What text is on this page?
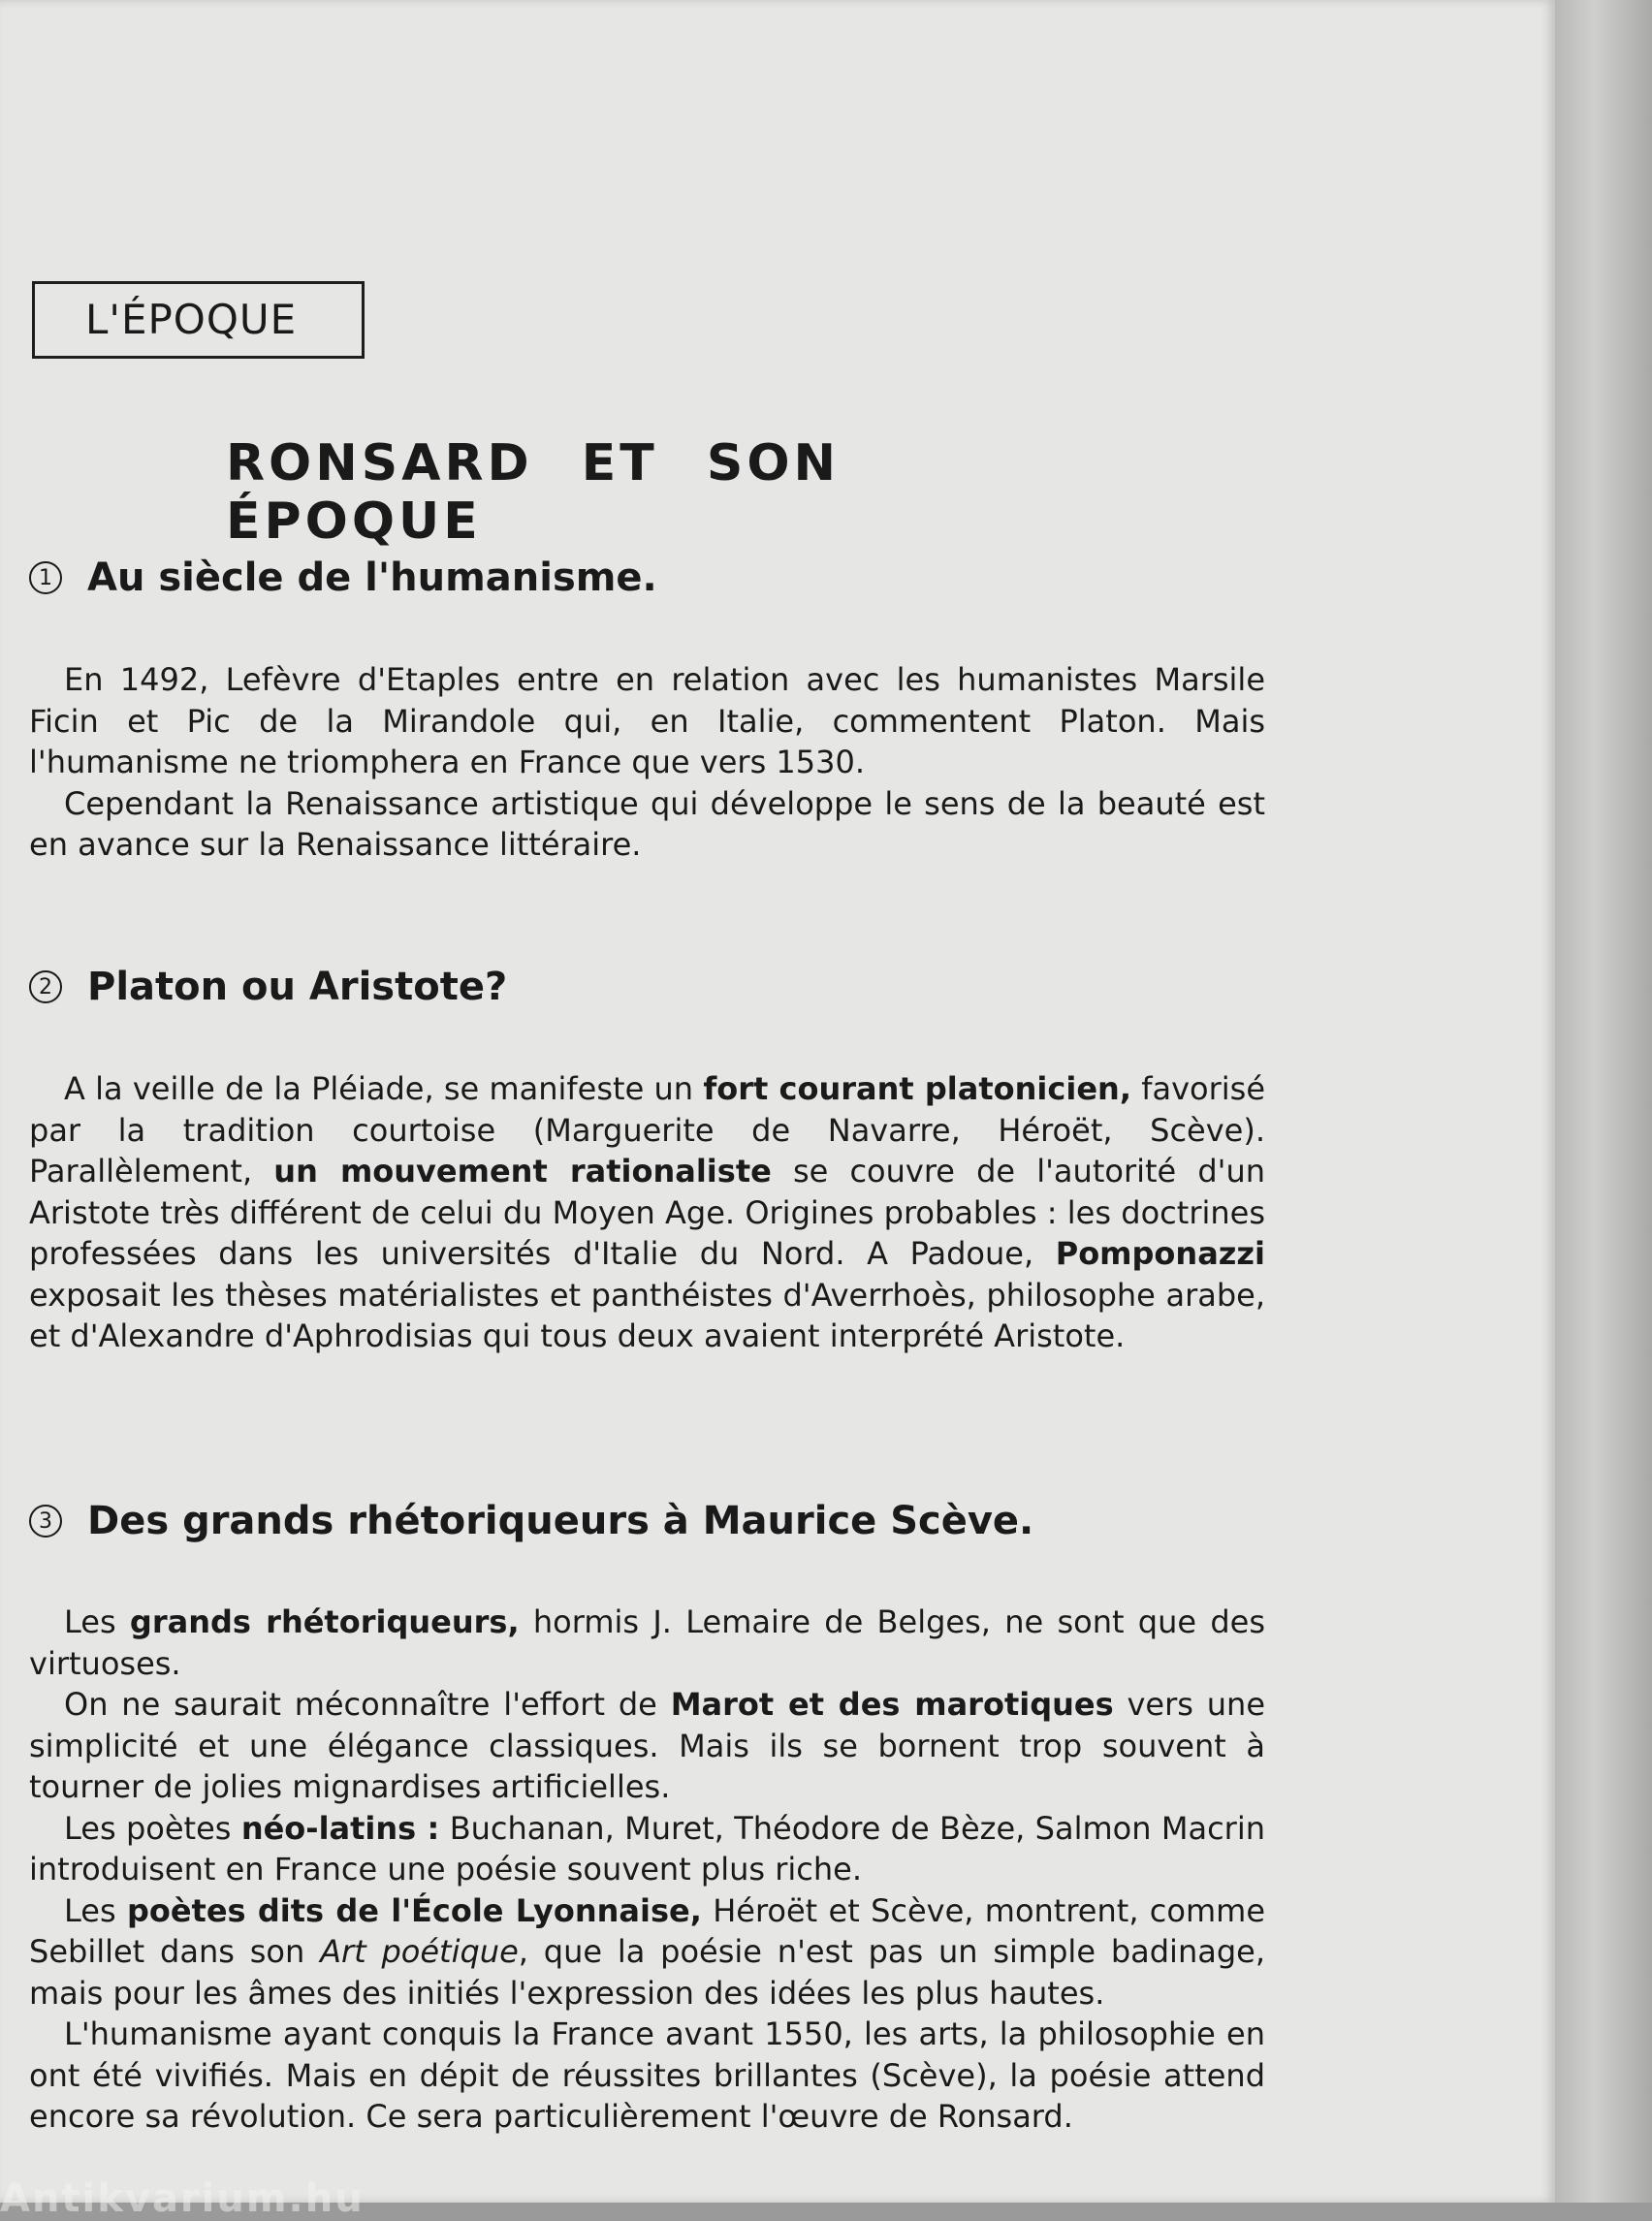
L'ÉPOQUE
RONSARD ET SON ÉPOQUE
1 Au siècle de l'humanisme.

En 1492, Lefèvre d'Etaples entre en relation avec les humanistes Marsile Ficin et Pic de la Mirandole qui, en Italie, commentent Platon. Mais l'humanisme ne triomphera en France que vers 1530.

Cependant la Renaissance artistique qui développe le sens de la beauté est en avance sur la Renaissance littéraire.

2 Platon ou Aristote?

A la veille de la Pléiade, se manifeste un fort courant platonicien, favorisé par la tradition courtoise (Marguerite de Navarre, Héroët, Scève). Parallèlement, un mouvement rationaliste se couvre de l'autorité d'un Aristote très différent de celui du Moyen Age. Origines probables : les doctrines professées dans les universités d'Italie du Nord. A Padoue, Pomponazzi exposait les thèses matérialistes et panthéistes d'Averrhoès, philosophe arabe, et d'Alexandre d'Aphrodisias qui tous deux avaient interprété Aristote.

3 Des grands rhétoriqueurs à Maurice Scève.

Les grands rhétoriqueurs, hormis J. Lemaire de Belges, ne sont que des virtuoses.

On ne saurait méconnaître l'effort de Marot et des marotiques vers une simplicité et une élégance classiques. Mais ils se bornent trop souvent à tourner de jolies mignardises artificielles.

Les poètes néo-latins : Buchanan, Muret, Théodore de Bèze, Salmon Macrin introduisent en France une poésie souvent plus riche.

Les poètes dits de l'École Lyonnaise, Héroët et Scève, montrent, comme Sebillet dans son Art poétique, que la poésie n'est pas un simple badinage, mais pour les âmes des initiés l'expression des idées les plus hautes.

L'humanisme ayant conquis la France avant 1550, les arts, la philosophie en ont été vivifiés. Mais en dépit de réussites brillantes (Scève), la poésie attend encore sa révolution. Ce sera particulièrement l'œuvre de Ronsard.

Antikvarium.hu
